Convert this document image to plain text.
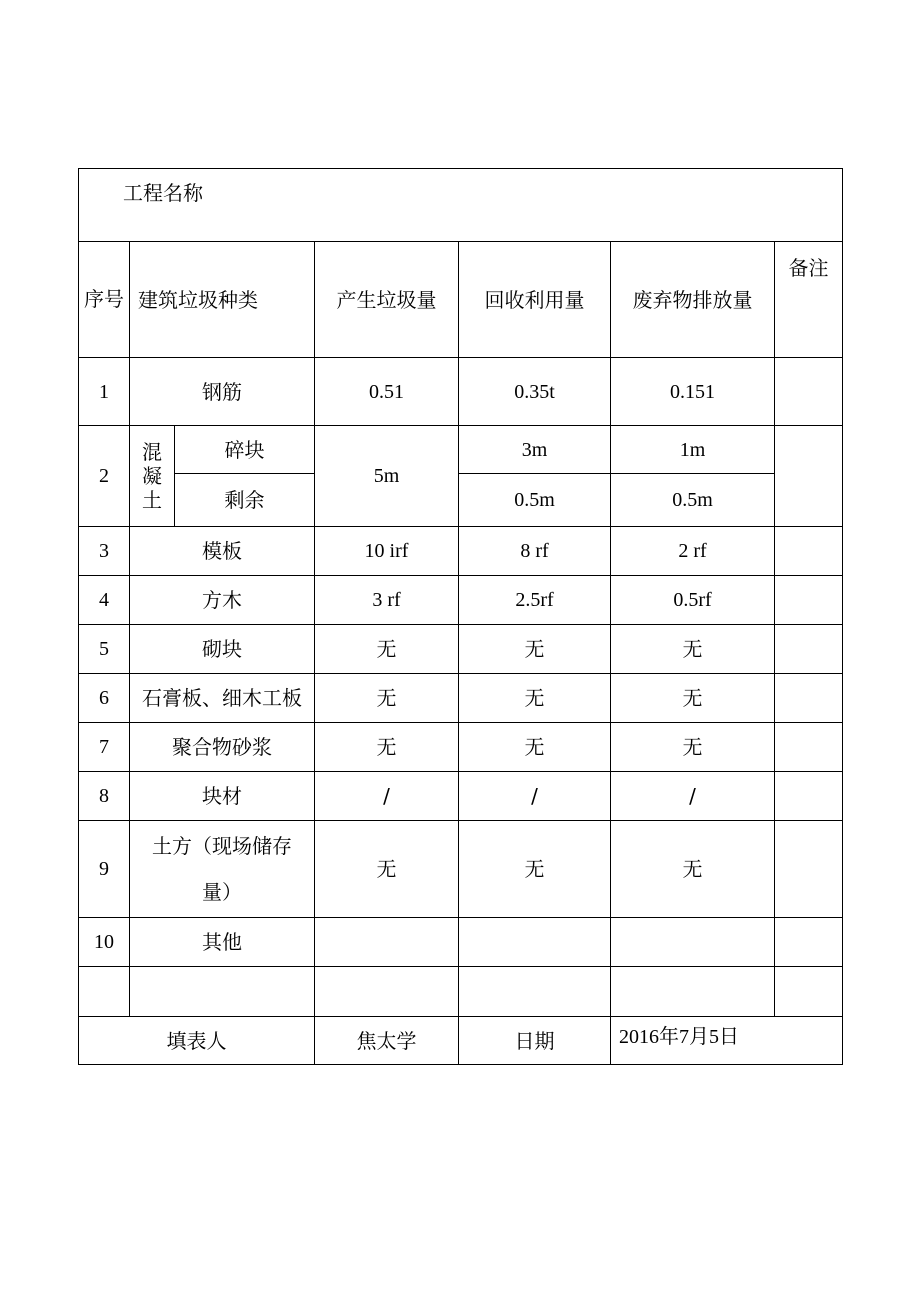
工程名称						
序号	建筑垃圾种类		产生垃圾量	回收利用量	废弃物排放量	备注
1	钢筋		0.51	0.35t	0.151	
2	混凝土	碎块	5m	3m	1m	
		剩余		0.5m	0.5m	
3	模板		10 irf	8 rf	2 rf	
4	方木		3 rf	2.5rf	0.5rf	
5	砌块		无	无	无	
6	石膏板、细木工板		无	无	无	
7	聚合物砂浆		无	无	无	
8	块材		/	/	/	
9	土方（现场储存量）		无	无	无	
10	其他					

填表人			焦太学	日期	2016年7月5日	
